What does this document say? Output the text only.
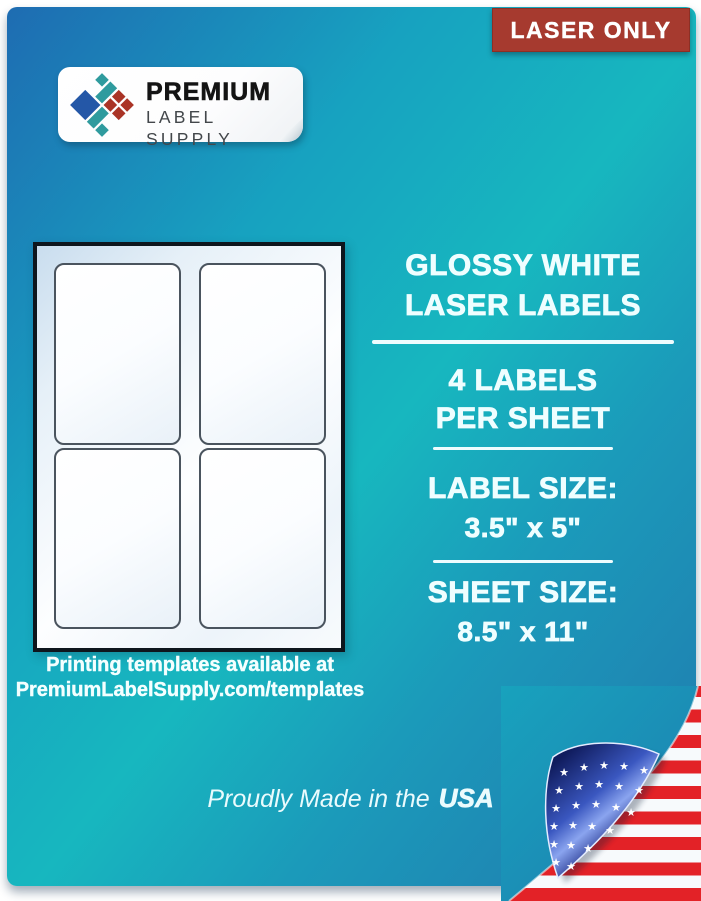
LASER ONLY
PREMIUM
LABEL SUPPLY
Printing templates available at
PremiumLabelSupply.com/templates
GLOSSY WHITE
LASER LABELS
4 LABELS
PER SHEET
LABEL SIZE:
3.5" x 5"
SHEET SIZE:
8.5" x 11"
Proudly Made in the USA
★ ★ ★ ★ ★
★ ★ ★ ★ ★
★ ★ ★ ★ ★
★ ★ ★ ★
★ ★ ★
★ ★
